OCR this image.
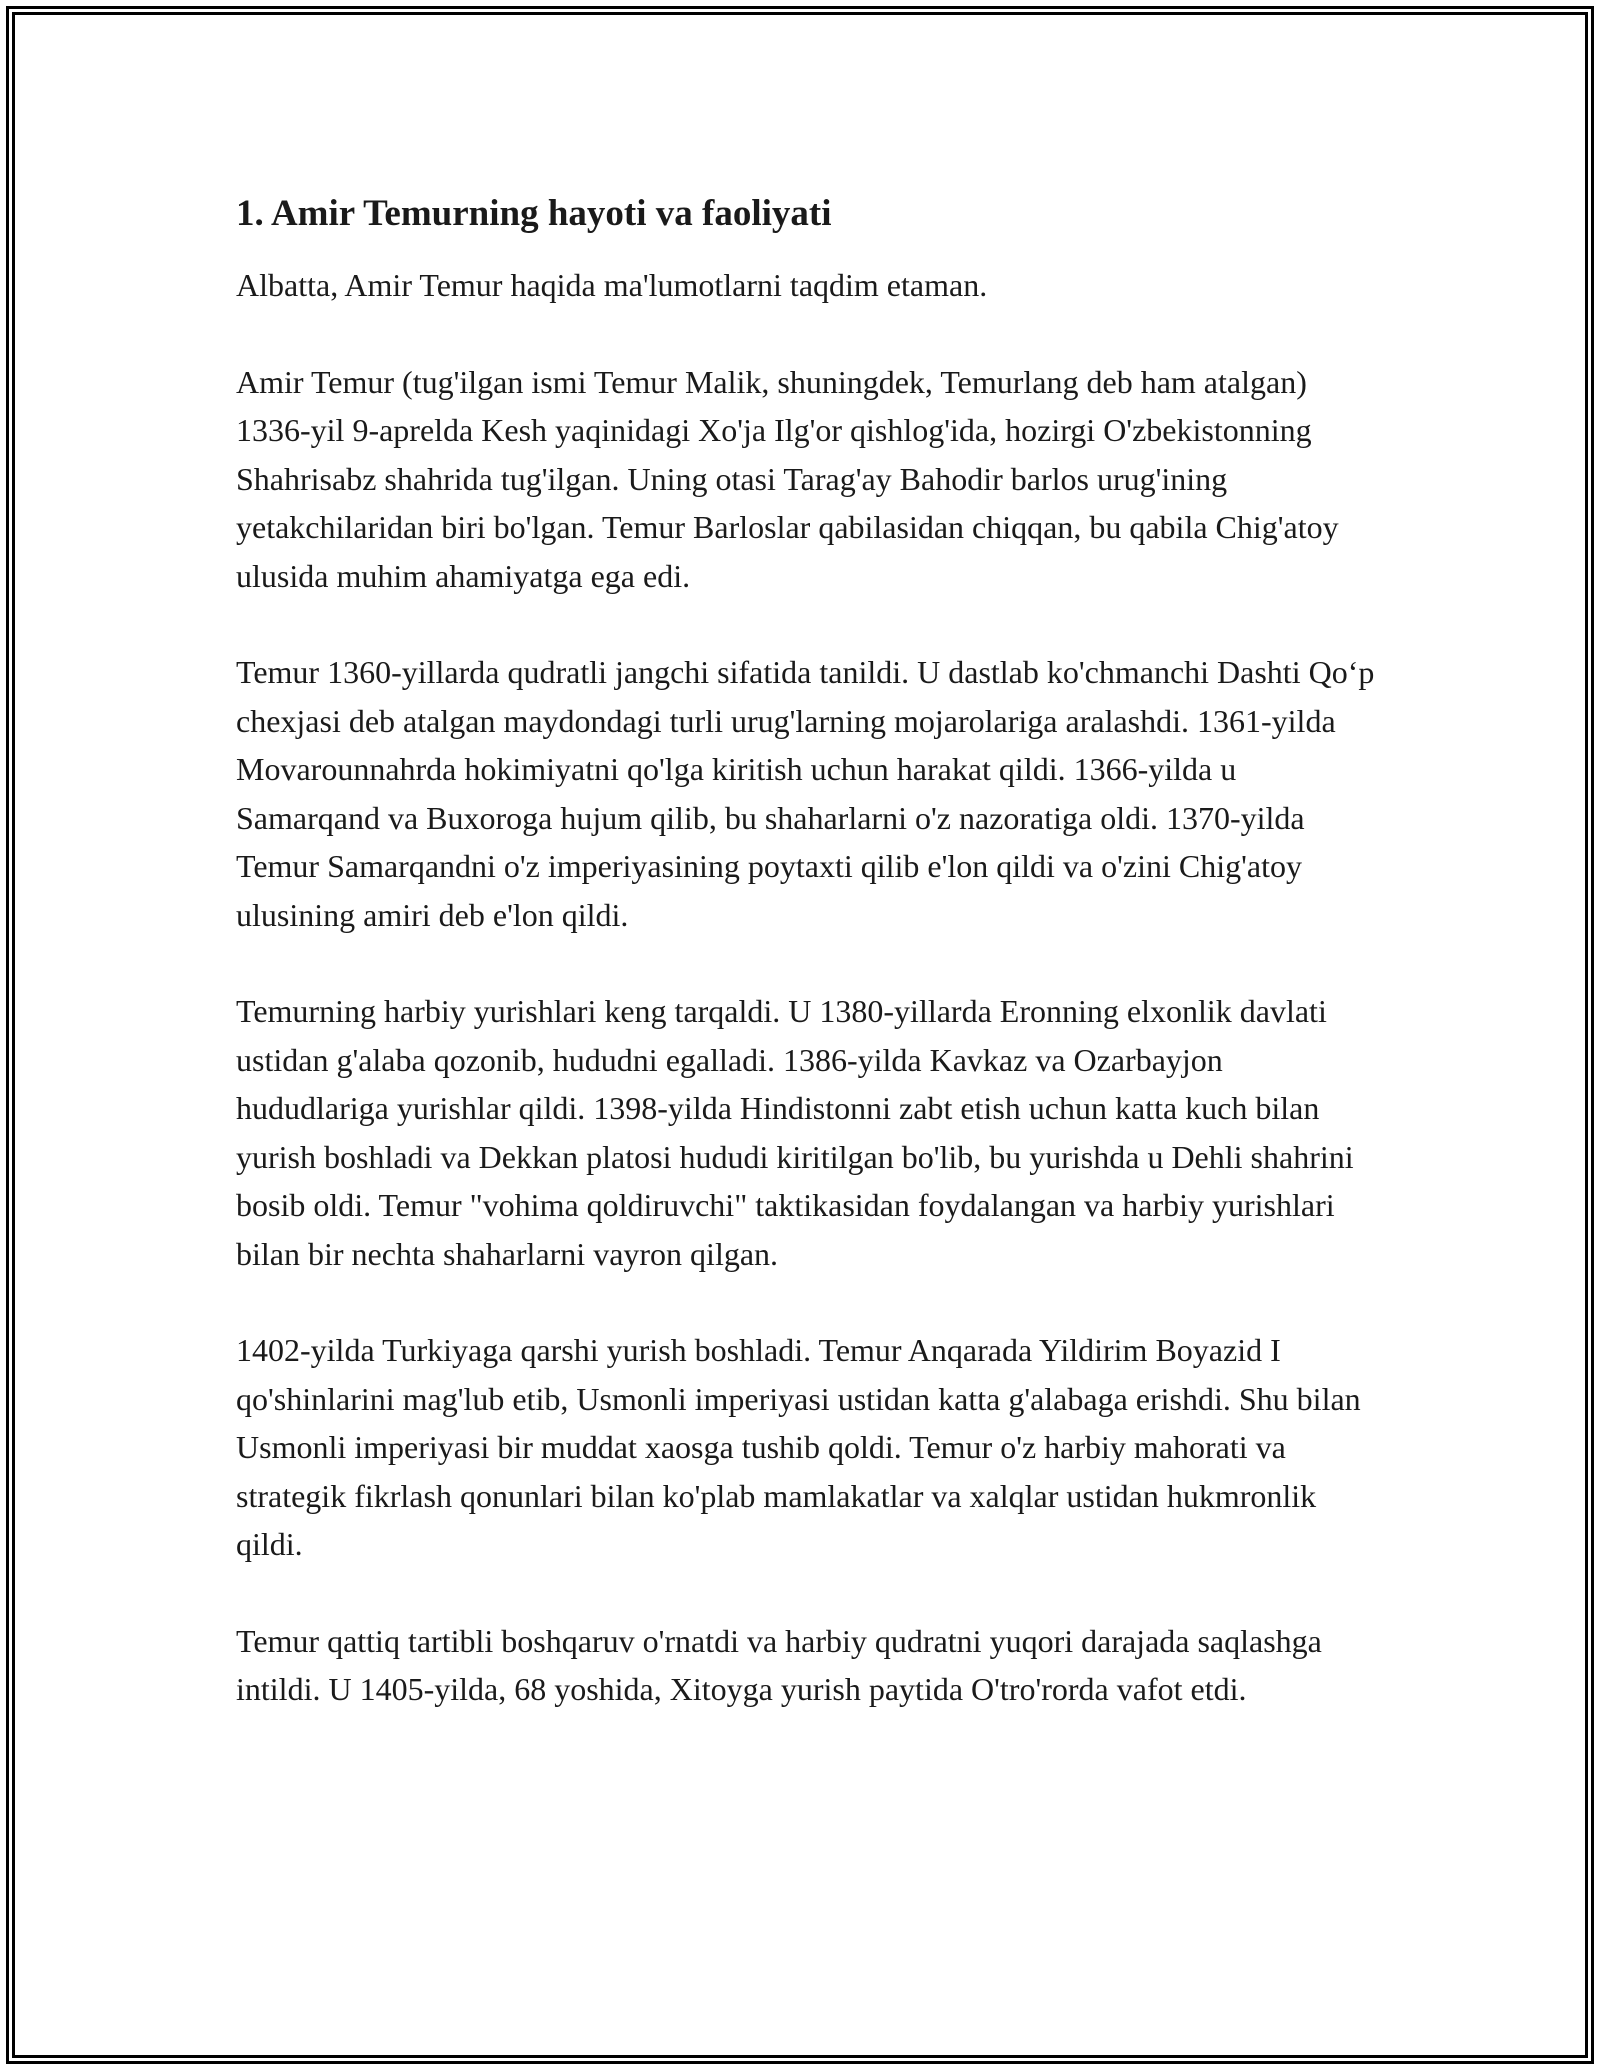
1. Amir Temurning hayoti va faoliyati

Albatta, Amir Temur haqida ma'lumotlarni taqdim etaman.

Amir Temur (tug'ilgan ismi Temur Malik, shuningdek, Temurlang deb ham atalgan) 1336-yil 9-aprelda Kesh yaqinidagi Xo'ja Ilg'or qishlog'ida, hozirgi O'zbekistonning Shahrisabz shahrida tug'ilgan. Uning otasi Tarag'ay Bahodir barlos urug'ining yetakchilaridan biri bo'lgan. Temur Barloslar qabilasidan chiqqan, bu qabila Chig'atoy ulusida muhim ahamiyatga ega edi.

Temur 1360-yillarda qudratli jangchi sifatida tanildi. U dastlab ko'chmanchi Dashti Qo‘p chexjasi deb atalgan maydondagi turli urug'larning mojarolariga aralashdi. 1361-yilda Movarounnahrda hokimiyatni qo'lga kiritish uchun harakat qildi. 1366-yilda u Samarqand va Buxoroga hujum qilib, bu shaharlarni o'z nazoratiga oldi. 1370-yilda Temur Samarqandni o'z imperiyasining poytaxti qilib e'lon qildi va o'zini Chig'atoy ulusining amiri deb e'lon qildi.

Temurning harbiy yurishlari keng tarqaldi. U 1380-yillarda Eronning elxonlik davlati ustidan g'alaba qozonib, hududni egalladi. 1386-yilda Kavkaz va Ozarbayjon hududlariga yurishlar qildi. 1398-yilda Hindistonni zabt etish uchun katta kuch bilan yurish boshladi va Dekkan platosi hududi kiritilgan bo'lib, bu yurishda u Dehli shahrini bosib oldi. Temur "vohima qoldiruvchi" taktikasidan foydalangan va harbiy yurishlari bilan bir nechta shaharlarni vayron qilgan.

1402-yilda Turkiyaga qarshi yurish boshladi. Temur Anqarada Yildirim Boyazid I qo'shinlarini mag'lub etib, Usmonli imperiyasi ustidan katta g'alabaga erishdi. Shu bilan Usmonli imperiyasi bir muddat xaosga tushib qoldi. Temur o'z harbiy mahorati va strategik fikrlash qonunlari bilan ko'plab mamlakatlar va xalqlar ustidan hukmronlik qildi.

Temur qattiq tartibli boshqaruv o'rnatdi va harbiy qudratni yuqori darajada saqlashga intildi. U 1405-yilda, 68 yoshida, Xitoyga yurish paytida O'tro'rorda vafot etdi.
